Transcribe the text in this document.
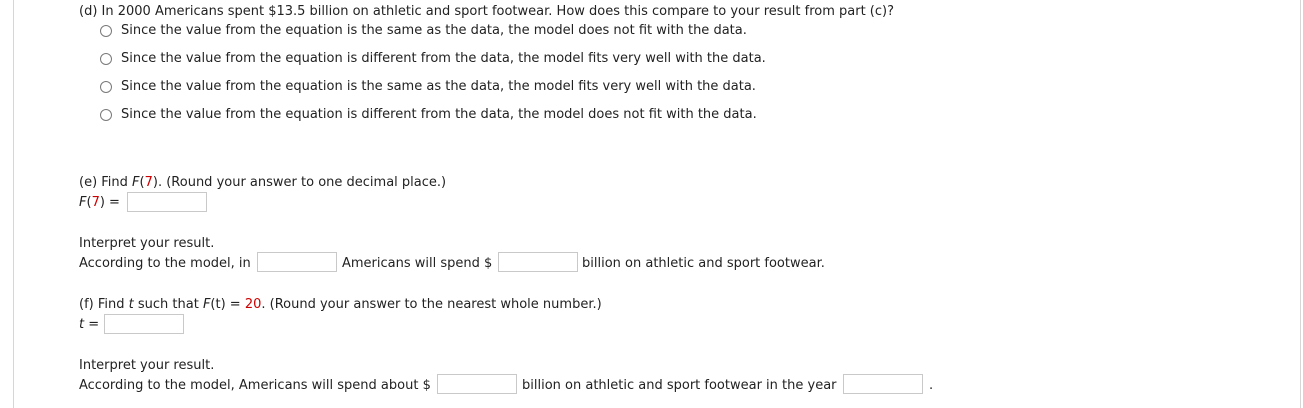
(d) In 2000 Americans spent $13.5 billion on athletic and sport footwear. How does this compare to your result from part (c)?
Since the value from the equation is the same as the data, the model does not fit with the data.
Since the value from the equation is different from the data, the model fits very well with the data.
Since the value from the equation is the same as the data, the model fits very well with the data.
Since the value from the equation is different from the data, the model does not fit with the data.
(e) Find F(7). (Round your answer to one decimal place.)
F(7) =
Interpret your result.
According to the model, in	Americans will spend $	billion on athletic and sport footwear.
(f) Find t such that F(t) = 20. (Round your answer to the nearest whole number.)
t =
Interpret your result.
According to the model, Americans will spend about $	billion on athletic and sport footwear in the year	.
